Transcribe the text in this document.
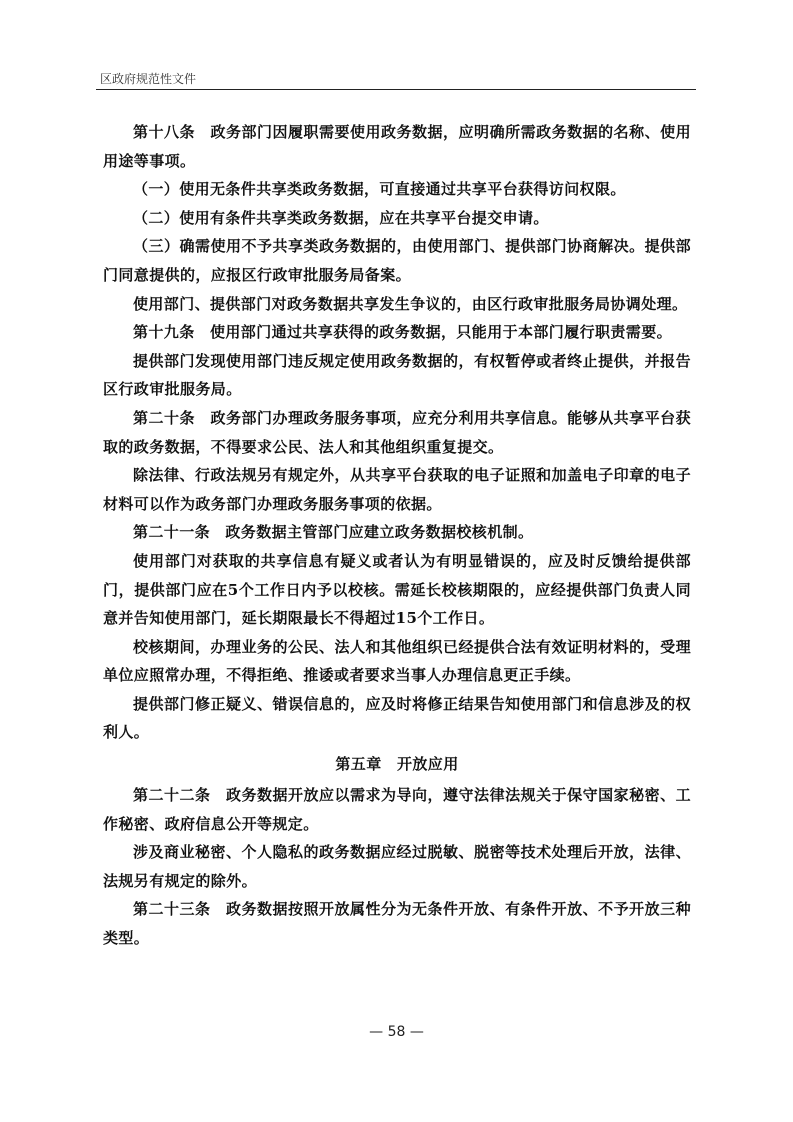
区政府规范性文件

第十八条　政务部门因履职需要使用政务数据，应明确所需政务数据的名称、使用用途等事项。

（一）使用无条件共享类政务数据，可直接通过共享平台获得访问权限。

（二）使用有条件共享类政务数据，应在共享平台提交申请。

（三）确需使用不予共享类政务数据的，由使用部门、提供部门协商解决。提供部门同意提供的，应报区行政审批服务局备案。

使用部门、提供部门对政务数据共享发生争议的，由区行政审批服务局协调处理。

第十九条　使用部门通过共享获得的政务数据，只能用于本部门履行职责需要。

提供部门发现使用部门违反规定使用政务数据的，有权暂停或者终止提供，并报告区行政审批服务局。

第二十条　政务部门办理政务服务事项，应充分利用共享信息。能够从共享平台获取的政务数据，不得要求公民、法人和其他组织重复提交。

除法律、行政法规另有规定外，从共享平台获取的电子证照和加盖电子印章的电子材料可以作为政务部门办理政务服务事项的依据。

第二十一条　政务数据主管部门应建立政务数据校核机制。

使用部门对获取的共享信息有疑义或者认为有明显错误的，应及时反馈给提供部门，提供部门应在5个工作日内予以校核。需延长校核期限的，应经提供部门负责人同意并告知使用部门，延长期限最长不得超过15个工作日。

校核期间，办理业务的公民、法人和其他组织已经提供合法有效证明材料的，受理单位应照常办理，不得拒绝、推诿或者要求当事人办理信息更正手续。

提供部门修正疑义、错误信息的，应及时将修正结果告知使用部门和信息涉及的权利人。

第五章　开放应用

第二十二条　政务数据开放应以需求为导向，遵守法律法规关于保守国家秘密、工作秘密、政府信息公开等规定。

涉及商业秘密、个人隐私的政务数据应经过脱敏、脱密等技术处理后开放，法律、法规另有规定的除外。

第二十三条　政务数据按照开放属性分为无条件开放、有条件开放、不予开放三种类型。

— 58 —
